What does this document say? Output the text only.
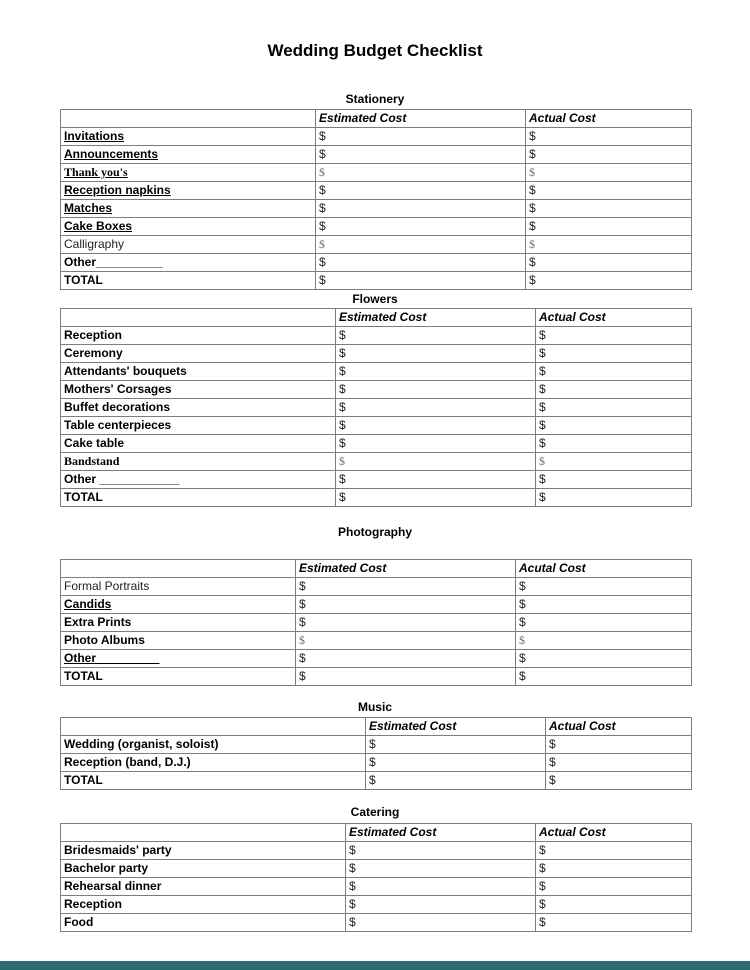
Wedding Budget Checklist
Stationery
	Estimated Cost	Actual Cost
Invitations	$	$
Announcements	$	$
Thank you's	$	$
Reception napkins	$	$
Matches	$	$
Cake Boxes	$	$
Calligraphy	$	$
Other__________	$	$
TOTAL	$	$
Flowers
	Estimated Cost	Actual Cost
Reception	$	$
Ceremony	$	$
Attendants' bouquets	$	$
Mothers' Corsages	$	$
Buffet decorations	$	$
Table centerpieces	$	$
Cake table	$	$
Bandstand	$	$
Other ____________	$	$
TOTAL	$	$
Photography
	Estimated Cost	Acutal Cost
Formal Portraits	$	$
Candids	$	$
Extra Prints	$	$
Photo Albums	$	$
Other _________	$	$
TOTAL	$	$
Music
	Estimated Cost	Actual Cost
Wedding (organist, soloist)	$	$
Reception (band, D.J.)	$	$
TOTAL	$	$
Catering
	Estimated Cost	Actual Cost
Bridesmaids' party	$	$
Bachelor party	$	$
Rehearsal dinner	$	$
Reception	$	$
Food	$	$
